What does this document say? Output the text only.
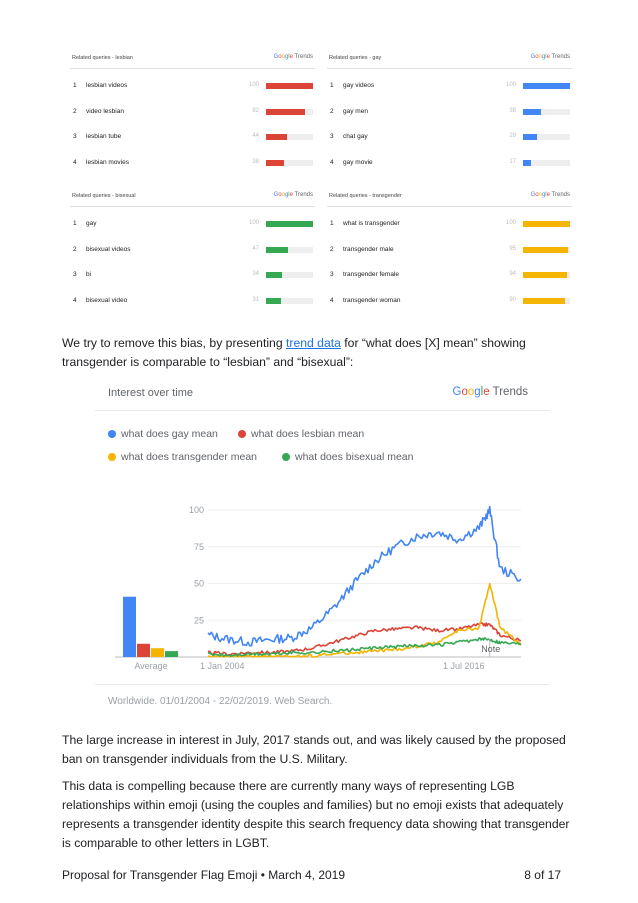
Related queries - lesbian	Google Trends
1 lesbian videos	100
2 video lesbian	82
3 lesbian tube	44
4 lesbian movies	38
Related queries - gay	Google Trends
1 gay videos	100
2 gay men	38
3 chat gay	29
4 gay movie	17
Related queries - bisexual	Google Trends
1 gay	100
2 bisexual videos	47
3 bi	34
4 bisexual video	31
Related queries - transgender	Google Trends
1 what is transgender	100
2 transgender male	95
3 transgender female	94
4 transgender woman	90

We try to remove this bias, by presenting trend data for “what does [X] mean” showing transgender is comparable to “lesbian” and “bisexual”:

Interest over time	Google Trends
what does gay mean	what does lesbian mean
what does transgender mean	what does bisexual mean
25
50
75
100
Average	1 Jan 2004	1 Jul 2016
Note
Worldwide. 01/01/2004 - 22/02/2019. Web Search.

The large increase in interest in July, 2017 stands out, and was likely caused by the proposed ban on transgender individuals from the U.S. Military.

This data is compelling because there are currently many ways of representing LGB relationships within emoji (using the couples and families) but no emoji exists that adequately represents a transgender identity despite this search frequency data showing that transgender is comparable to other letters in LGBT.

Proposal for Transgender Flag Emoji • March 4, 2019	8 of 17
